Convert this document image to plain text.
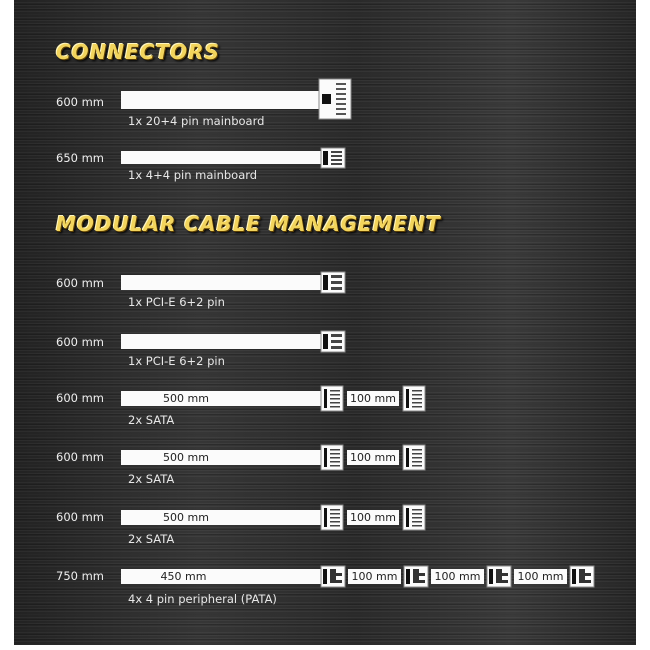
CONNECTORS
600 mm
1x 20+4 pin mainboard
650 mm
1x 4+4 pin mainboard
MODULAR CABLE MANAGEMENT
600 mm
1x PCI-E 6+2 pin
600 mm
1x PCI-E 6+2 pin
600 mm	500 mm	100 mm
2x SATA
600 mm	500 mm	100 mm
2x SATA
600 mm	500 mm	100 mm
2x SATA
750 mm	450 mm	100 mm	100 mm	100 mm
4x 4 pin peripheral (PATA)
